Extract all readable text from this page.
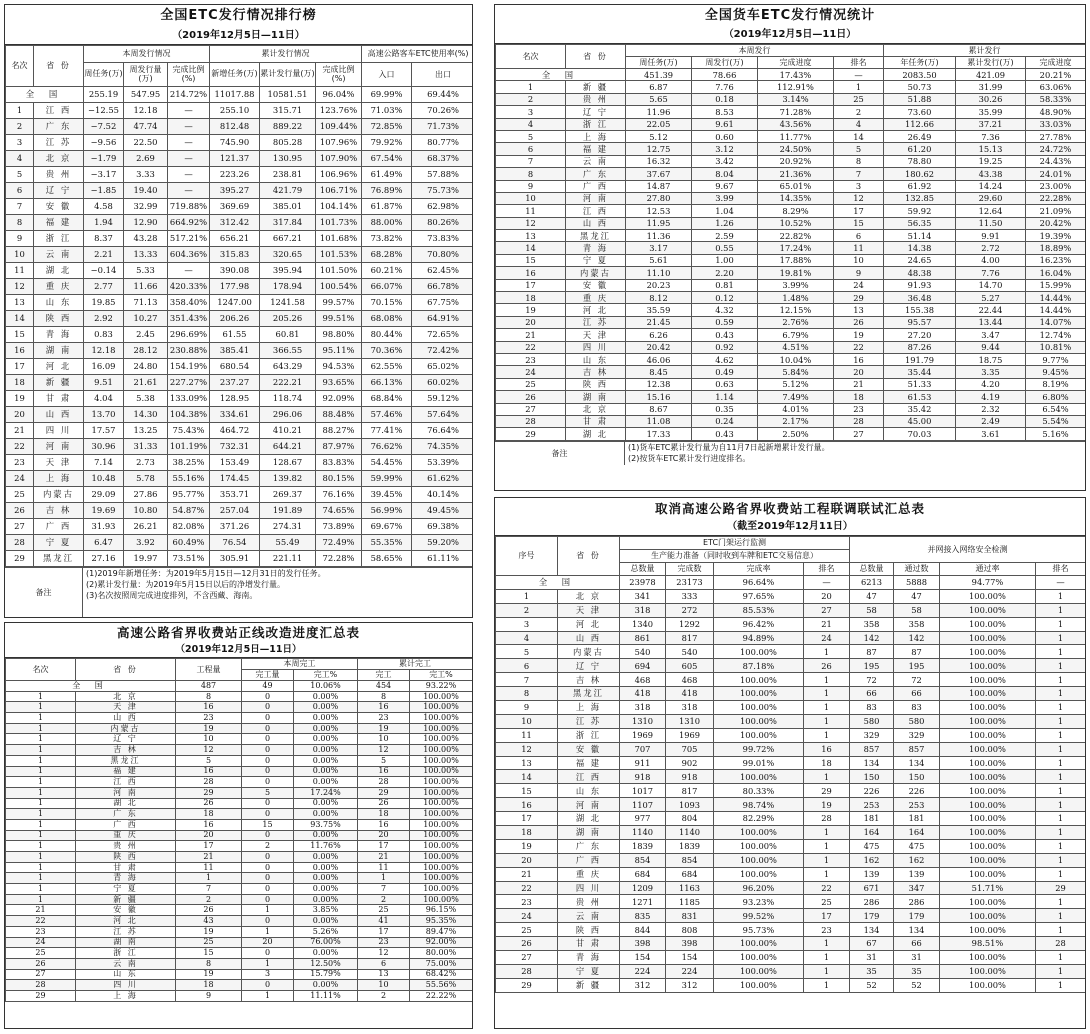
全国ETC发行情况排行榜
（2019年12月5日—11日）
名次	省 份	本周发行情况			累计发行情况			高速公路客车ETC使用率(%)	
		周任务(万)	周发行量(万)	完成比例(%)	新增任务(万)	累计发行量(万)	完成比例(%)	入口	出口
全 国		255.19	547.95	214.72%	11017.88	10581.51	96.04%	69.99%	69.44%
1	江 西	−12.55	12.18	—	255.10	315.71	123.76%	71.03%	70.26%
2	广 东	−7.52	47.74	—	812.48	889.22	109.44%	72.85%	71.73%
3	江 苏	−9.56	22.50	—	745.90	805.28	107.96%	79.92%	80.77%
4	北 京	−1.79	2.69	—	121.37	130.95	107.90%	67.54%	68.37%
5	贵 州	−3.17	3.33	—	223.26	238.81	106.96%	61.49%	57.88%
6	辽 宁	−1.85	19.40	—	395.27	421.79	106.71%	76.89%	75.73%
7	安 徽	4.58	32.99	719.88%	369.69	385.01	104.14%	61.87%	62.98%
8	福 建	1.94	12.90	664.92%	312.42	317.84	101.73%	88.00%	80.26%
9	浙 江	8.37	43.28	517.21%	656.21	667.21	101.68%	73.82%	73.83%
10	云 南	2.21	13.33	604.36%	315.83	320.65	101.53%	68.28%	70.80%
11	湖 北	−0.14	5.33	—	390.08	395.94	101.50%	60.21%	62.45%
12	重 庆	2.77	11.66	420.33%	177.98	178.94	100.54%	66.07%	66.78%
13	山 东	19.85	71.13	358.40%	1247.00	1241.58	99.57%	70.15%	67.75%
14	陕 西	2.92	10.27	351.43%	206.26	205.26	99.51%	68.08%	64.91%
15	青 海	0.83	2.45	296.69%	61.55	60.81	98.80%	80.44%	72.65%
16	湖 南	12.18	28.12	230.88%	385.41	366.55	95.11%	70.36%	72.42%
17	河 北	16.09	24.80	154.19%	680.54	643.29	94.53%	62.55%	65.02%
18	新 疆	9.51	21.61	227.27%	237.27	222.21	93.65%	66.13%	60.02%
19	甘 肃	4.04	5.38	133.09%	128.95	118.74	92.09%	68.84%	59.12%
20	山 西	13.70	14.30	104.38%	334.61	296.06	88.48%	57.46%	57.64%
21	四 川	17.57	13.25	75.43%	464.72	410.21	88.27%	77.41%	76.64%
22	河 南	30.96	31.33	101.19%	732.31	644.21	87.97%	76.62%	74.35%
23	天 津	7.14	2.73	38.25%	153.49	128.67	83.83%	54.45%	53.39%
24	上 海	10.48	5.78	55.16%	174.45	139.82	80.15%	59.99%	61.62%
25	内蒙古	29.09	27.86	95.77%	353.71	269.37	76.16%	39.45%	40.14%
26	吉 林	19.69	10.80	54.87%	257.04	191.89	74.65%	56.99%	49.45%
27	广 西	31.93	26.21	82.08%	371.26	274.31	73.89%	69.67%	69.38%
28	宁 夏	6.47	3.92	60.49%	76.54	55.49	72.49%	55.35%	59.20%
29	黑龙江	27.16	19.97	73.51%	305.91	221.11	72.28%	58.65%	61.11%
备注
(1)2019年新增任务：为2019年5月15日—12月31日的发行任务。
(2)累计发行量：为2019年5月15日以后的净增发行量。
(3)名次按照周完成进度排列，不含西藏、海南。
高速公路省界收费站正线改造进度汇总表
（2019年12月5日—11日）
名次	省 份	工程量	本周完工		累计完工	
			完工量	完工%	完工	完工%
全 国		487	49	10.06%	454	93.22%
1	北 京	8	0	0.00%	8	100.00%
1	天 津	16	0	0.00%	16	100.00%
1	山 西	23	0	0.00%	23	100.00%
1	内蒙古	19	0	0.00%	19	100.00%
1	辽 宁	10	0	0.00%	10	100.00%
1	吉 林	12	0	0.00%	12	100.00%
1	黑龙江	5	0	0.00%	5	100.00%
1	福 建	16	0	0.00%	16	100.00%
1	江 西	28	0	0.00%	28	100.00%
1	河 南	29	5	17.24%	29	100.00%
1	湖 北	26	0	0.00%	26	100.00%
1	广 东	18	0	0.00%	18	100.00%
1	广 西	16	15	93.75%	16	100.00%
1	重 庆	20	0	0.00%	20	100.00%
1	贵 州	17	2	11.76%	17	100.00%
1	陕 西	21	0	0.00%	21	100.00%
1	甘 肃	11	0	0.00%	11	100.00%
1	青 海	1	0	0.00%	1	100.00%
1	宁 夏	7	0	0.00%	7	100.00%
1	新 疆	2	0	0.00%	2	100.00%
21	安 徽	26	1	3.85%	25	96.15%
22	河 北	43	0	0.00%	41	95.35%
23	江 苏	19	1	5.26%	17	89.47%
24	湖 南	25	20	76.00%	23	92.00%
25	浙 江	15	0	0.00%	12	80.00%
26	云 南	8	1	12.50%	6	75.00%
27	山 东	19	3	15.79%	13	68.42%
28	四 川	18	0	0.00%	10	55.56%
29	上 海	9	1	11.11%	2	22.22%
全国货车ETC发行情况统计
（2019年12月5日—11日）
名次	省 份	本周发行				累计发行		
		周任务(万)	周发行(万)	完成进度	排名	年任务(万)	累计发行(万)	完成进度
全 国		451.39	78.66	17.43%	—	2083.50	421.09	20.21%
1	新 疆	6.87	7.76	112.91%	1	50.73	31.99	63.06%
2	贵 州	5.65	0.18	3.14%	25	51.88	30.26	58.33%
3	辽 宁	11.96	8.53	71.28%	2	73.60	35.99	48.90%
4	浙 江	22.05	9.61	43.56%	4	112.66	37.21	33.03%
5	上 海	5.12	0.60	11.77%	14	26.49	7.36	27.78%
6	福 建	12.75	3.12	24.50%	5	61.20	15.13	24.72%
7	云 南	16.32	3.42	20.92%	8	78.80	19.25	24.43%
8	广 东	37.67	8.04	21.36%	7	180.62	43.38	24.01%
9	广 西	14.87	9.67	65.01%	3	61.92	14.24	23.00%
10	河 南	27.80	3.99	14.35%	12	132.85	29.60	22.28%
11	江 西	12.53	1.04	8.29%	17	59.92	12.64	21.09%
12	山 西	11.95	1.26	10.52%	15	56.35	11.50	20.42%
13	黑龙江	11.36	2.59	22.82%	6	51.14	9.91	19.39%
14	青 海	3.17	0.55	17.24%	11	14.38	2.72	18.89%
15	宁 夏	5.61	1.00	17.88%	10	24.65	4.00	16.23%
16	内蒙古	11.10	2.20	19.81%	9	48.38	7.76	16.04%
17	安 徽	20.23	0.81	3.99%	24	91.93	14.70	15.99%
18	重 庆	8.12	0.12	1.48%	29	36.48	5.27	14.44%
19	河 北	35.59	4.32	12.15%	13	155.38	22.44	14.44%
20	江 苏	21.45	0.59	2.76%	26	95.57	13.44	14.07%
21	天 津	6.26	0.43	6.79%	19	27.20	3.47	12.74%
22	四 川	20.42	0.92	4.51%	22	87.26	9.44	10.81%
23	山 东	46.06	4.62	10.04%	16	191.79	18.75	9.77%
24	吉 林	8.45	0.49	5.84%	20	35.44	3.35	9.45%
25	陕 西	12.38	0.63	5.12%	21	51.33	4.20	8.19%
26	湖 南	15.16	1.14	7.49%	18	61.53	4.19	6.80%
27	北 京	8.67	0.35	4.01%	23	35.42	2.32	6.54%
28	甘 肃	11.08	0.24	2.17%	28	45.00	2.49	5.54%
29	湖 北	17.33	0.43	2.50%	27	70.03	3.61	5.16%
备注
(1)货车ETC累计发行量为自11月7日起新增累计发行量。
(2)按货车ETC累计发行进度排名。
取消高速公路省界收费站工程联调联试汇总表
（截至2019年12月11日）
序号	省 份	ETC门架运行监测				并网接入网络安全检测			
		生产能力准备（同时收到车牌和ETC交易信息）							
		总数量	完成数	完成率	排名	总数量	通过数	通过率	排名
全 国		23978	23173	96.64%	—	6213	5888	94.77%	—
1	北 京	341	333	97.65%	20	47	47	100.00%	1
2	天 津	318	272	85.53%	27	58	58	100.00%	1
3	河 北	1340	1292	96.42%	21	358	358	100.00%	1
4	山 西	861	817	94.89%	24	142	142	100.00%	1
5	内蒙古	540	540	100.00%	1	87	87	100.00%	1
6	辽 宁	694	605	87.18%	26	195	195	100.00%	1
7	吉 林	468	468	100.00%	1	72	72	100.00%	1
8	黑龙江	418	418	100.00%	1	66	66	100.00%	1
9	上 海	318	318	100.00%	1	83	83	100.00%	1
10	江 苏	1310	1310	100.00%	1	580	580	100.00%	1
11	浙 江	1969	1969	100.00%	1	329	329	100.00%	1
12	安 徽	707	705	99.72%	16	857	857	100.00%	1
13	福 建	911	902	99.01%	18	134	134	100.00%	1
14	江 西	918	918	100.00%	1	150	150	100.00%	1
15	山 东	1017	817	80.33%	29	226	226	100.00%	1
16	河 南	1107	1093	98.74%	19	253	253	100.00%	1
17	湖 北	977	804	82.29%	28	181	181	100.00%	1
18	湖 南	1140	1140	100.00%	1	164	164	100.00%	1
19	广 东	1839	1839	100.00%	1	475	475	100.00%	1
20	广 西	854	854	100.00%	1	162	162	100.00%	1
21	重 庆	684	684	100.00%	1	139	139	100.00%	1
22	四 川	1209	1163	96.20%	22	671	347	51.71%	29
23	贵 州	1271	1185	93.23%	25	286	286	100.00%	1
24	云 南	835	831	99.52%	17	179	179	100.00%	1
25	陕 西	844	808	95.73%	23	134	134	100.00%	1
26	甘 肃	398	398	100.00%	1	67	66	98.51%	28
27	青 海	154	154	100.00%	1	31	31	100.00%	1
28	宁 夏	224	224	100.00%	1	35	35	100.00%	1
29	新 疆	312	312	100.00%	1	52	52	100.00%	1
